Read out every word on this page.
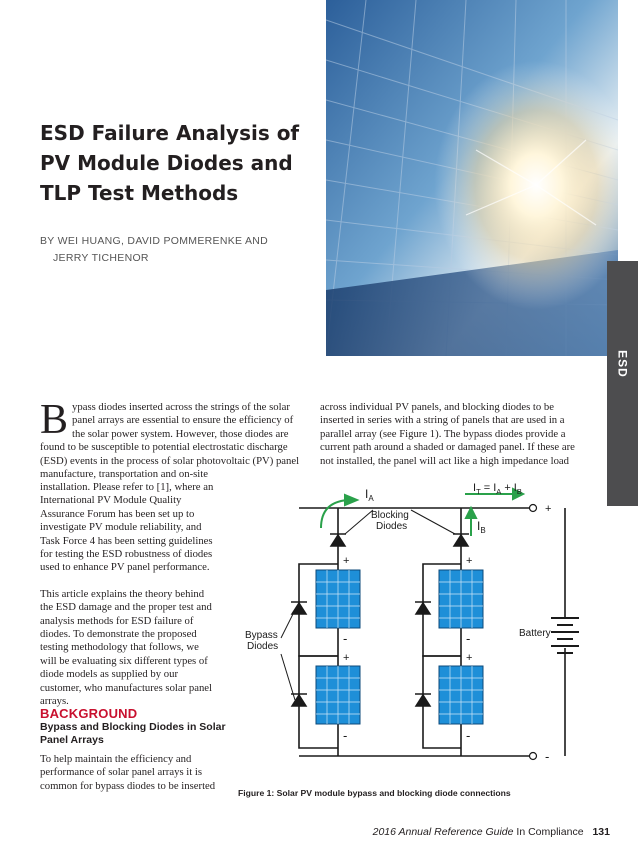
ESD Failure Analysis of PV Module Diodes and TLP Test Methods

BY WEI HUANG, DAVID POMMERENKE AND
JERRY TICHENOR

ESD

Bypass diodes inserted across the strings of the solar panel arrays are essential to ensure the efficiency of the solar power system. However, those diodes are found to be susceptible to potential electrostatic discharge (ESD) events in the process of solar photovoltaic (PV) panel manufacture, transportation and on-site

installation. Please refer to [1], where an International PV Module Quality Assurance Forum has been set up to investigate PV module reliability, and Task Force 4 has been setting guidelines for testing the ESD robustness of diodes used to enhance PV panel performance.

This article explains the theory behind the ESD damage and the proper test and analysis methods for ESD failure of diodes. To demonstrate the proposed testing methodology that follows, we will be evaluating six different types of diode models as supplied by our customer, who manufactures solar panel arrays.

BACKGROUND
Bypass and Blocking Diodes in Solar Panel Arrays

To help maintain the efficiency and performance of solar panel arrays it is common for bypass diodes to be inserted

across individual PV panels, and blocking diodes to be inserted in series with a string of panels that are used in a parallel array (see Figure 1). The bypass diodes provide a current path around a shaded or damaged panel. If these are not installed, the panel will act like a high impedance load

$I_A$
$I_T = I_A + I_B$
$I_B$
Blocking
Diodes
Bypass
Diodes
Battery
+
-
+
-
+
-
+
-
+
-

Figure 1: Solar PV module bypass and blocking diode connections

2016 Annual Reference Guide In Compliance 131
